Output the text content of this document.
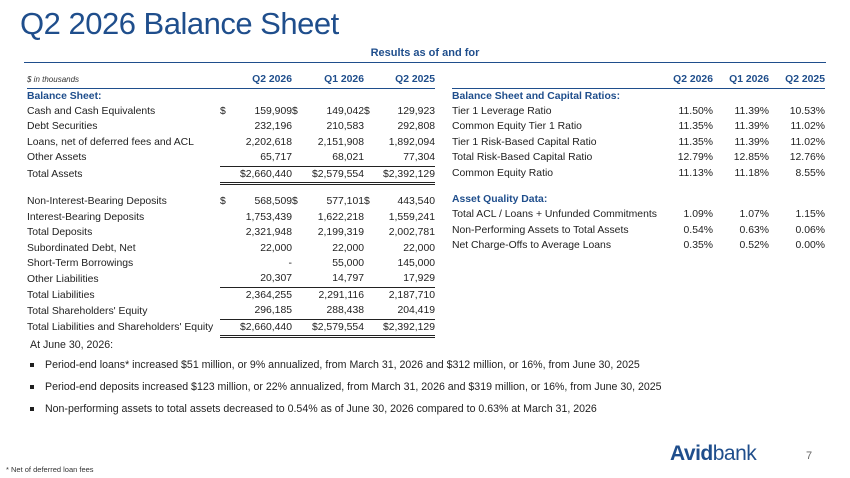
Q2 2026 Balance Sheet
Results as of and for
$ in thousands	Q2 2026	Q1 2026	Q2 2025
Balance Sheet:			
Cash and Cash Equivalents	$ 159,909	$ 149,042	$ 129,923

Debt Securities	232,196	210,583	292,808
Loans, net of deferred fees and ACL	2,202,618	2,151,908	1,892,094
Other Assets	65,717	68,021	77,304
Total Assets	$2,660,440	$2,579,554	$2,392,129

Non-Interest-Bearing Deposits	$ 568,509	$ 577,101	$ 443,540

Interest-Bearing Deposits	1,753,439	1,622,218	1,559,241
Total Deposits	2,321,948	2,199,319	2,002,781
Subordinated Debt, Net	22,000	22,000	22,000
Short-Term Borrowings	-	55,000	145,000
Other Liabilities	20,307	14,797	17,929
Total Liabilities	2,364,255	2,291,116	2,187,710
Total Shareholders' Equity	296,185	288,438	204,419
Total Liabilities and Shareholders' Equity	$2,660,440	$2,579,554	$2,392,129
	Q2 2026	Q1 2026	Q2 2025
Balance Sheet and Capital Ratios:			
Tier 1 Leverage Ratio	11.50%	11.39%	10.53%
Common Equity Tier 1 Ratio	11.35%	11.39%	11.02%
Tier 1 Risk-Based Capital Ratio	11.35%	11.39%	11.02%
Total Risk-Based Capital Ratio	12.79%	12.85%	12.76%
Common Equity Ratio	11.13%	11.18%	8.55%

Asset Quality Data:			
Total ACL / Loans + Unfunded Commitments	1.09%	1.07%	1.15%
Non-Performing Assets to Total Assets	0.54%	0.63%	0.06%
Net Charge-Offs to Average Loans	0.35%	0.52%	0.00%
At June 30, 2026:
Period-end loans* increased $51 million, or 9% annualized, from March 31, 2026 and $312 million, or 16%, from June 30, 2025
Period-end deposits increased $123 million, or 22% annualized, from March 31, 2026 and $319 million, or 16%, from June 30, 2025
Non-performing assets to total assets decreased to 0.54% as of June 30, 2026 compared to 0.63% at March 31, 2026
Avidbank	7
* Net of deferred loan fees
